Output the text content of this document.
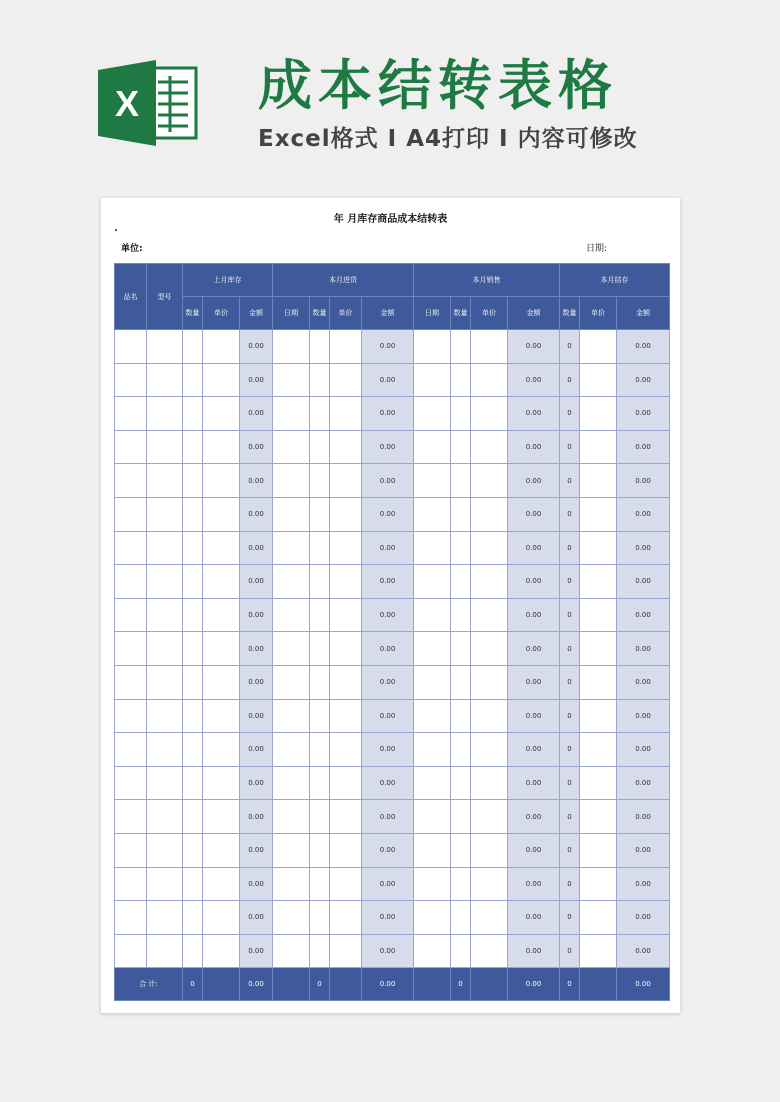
X 成本结转表格
Excel格式 I A4打印 I 内容可修改
年 月库存商品成本结转表
单位:	日期:
品名	型号	上月库存			本月进货				本月销售				本月结存		
		数量	单价	金额	日期	数量	单价	金额	日期	数量	单价	金额	数量	单价	金额
				0.00				0.00				0.00	0		0.00
				0.00				0.00				0.00	0		0.00
				0.00				0.00				0.00	0		0.00
				0.00				0.00				0.00	0		0.00
				0.00				0.00				0.00	0		0.00
				0.00				0.00				0.00	0		0.00
				0.00				0.00				0.00	0		0.00
				0.00				0.00				0.00	0		0.00
				0.00				0.00				0.00	0		0.00
				0.00				0.00				0.00	0		0.00
				0.00				0.00				0.00	0		0.00
				0.00				0.00				0.00	0		0.00
				0.00				0.00				0.00	0		0.00
				0.00				0.00				0.00	0		0.00
				0.00				0.00				0.00	0		0.00
				0.00				0.00				0.00	0		0.00
				0.00				0.00				0.00	0		0.00
				0.00				0.00				0.00	0		0.00
				0.00				0.00				0.00	0		0.00
合 计:		0		0.00		0		0.00		0		0.00	0		0.00
